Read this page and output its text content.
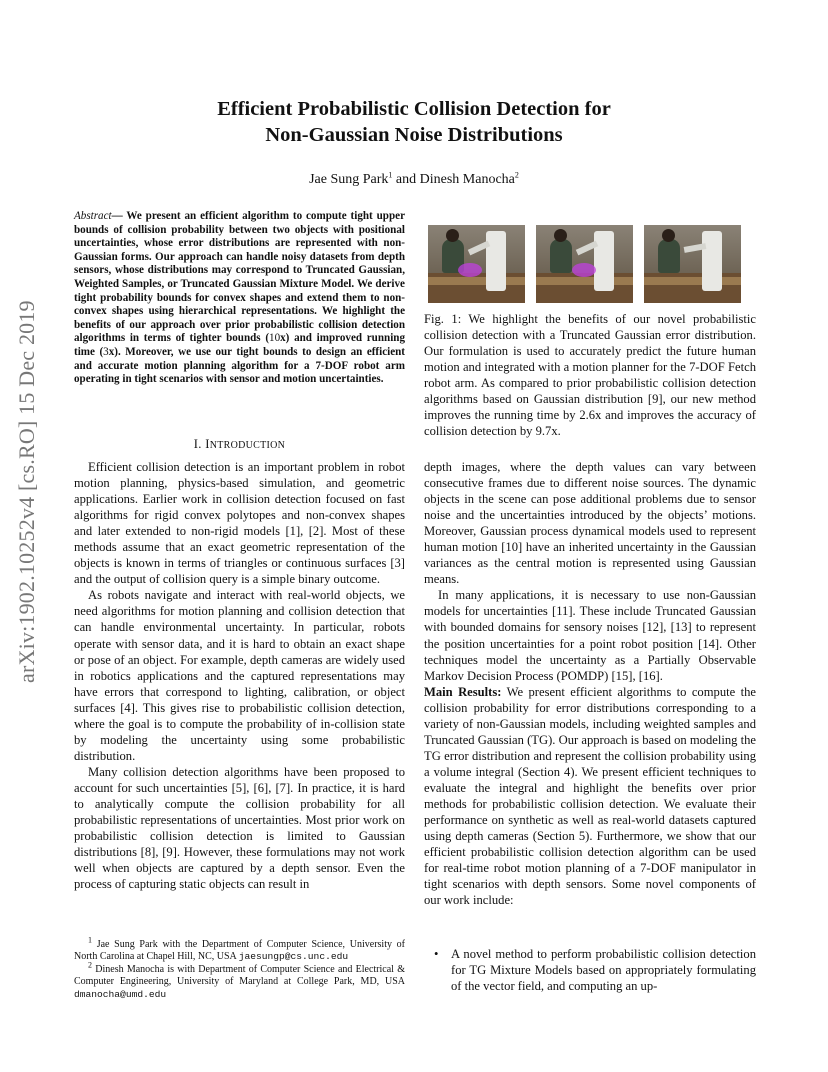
arXiv:1902.10252v4 [cs.RO] 15 Dec 2019
Efficient Probabilistic Collision Detection for
Non-Gaussian Noise Distributions
Jae Sung Park$^1$ and Dinesh Manocha$^2$
Abstract— We present an efficient algorithm to compute tight upper bounds of collision probability between two objects with positional uncertainties, whose error distributions are represented with non-Gaussian forms. Our approach can handle noisy datasets from depth sensors, whose distributions may correspond to Truncated Gaussian, Weighted Samples, or Truncated Gaussian Mixture Model. We derive tight probability bounds for convex shapes and extend them to non-convex shapes using hierarchical representations. We highlight the benefits of our approach over prior probabilistic collision detection algorithms in terms of tighter bounds (10x) and improved running time (3x). Moreover, we use our tight bounds to design an efficient and accurate motion planning algorithm for a 7-DOF robot arm operating in tight scenarios with sensor and motion uncertainties.
I. INTRODUCTION

Efficient collision detection is an important problem in robot motion planning, physics-based simulation, and geometric applications. Earlier work in collision detection focused on fast algorithms for rigid convex polytopes and non-convex shapes and later extended to non-rigid models [1], [2]. Most of these methods assume that an exact geometric representation of the objects is known in terms of triangles or continuous surfaces [3] and the output of collision query is a simple binary outcome.

As robots navigate and interact with real-world objects, we need algorithms for motion planning and collision detection that can handle environmental uncertainty. In particular, robots operate with sensor data, and it is hard to obtain an exact shape or pose of an object. For example, depth cameras are widely used in robotics applications and the captured representations may have errors that correspond to lighting, calibration, or object surfaces [4]. This gives rise to probabilistic collision detection, where the goal is to compute the probability of in-collision state by modeling the uncertainty using some probabilistic distribution.

Many collision detection algorithms have been proposed to account for such uncertainties [5], [6], [7]. In practice, it is hard to analytically compute the collision probability for all probabilistic representations of uncertainties. Most prior work on probabilistic collision detection is limited to Gaussian distributions [8], [9]. However, these formulations may not work well when objects are captured by a depth sensor. Even the process of capturing static objects can result in

$^1$ Jae Sung Park with the Department of Computer Science, University of North Carolina at Chapel Hill, NC, USA jaesungp@cs.unc.edu

$^2$ Dinesh Manocha is with Department of Computer Science and Electrical & Computer Engineering, University of Maryland at College Park, MD, USA dmanocha@umd.edu

Fig. 1: We highlight the benefits of our novel probabilistic collision detection with a Truncated Gaussian error distribution. Our formulation is used to accurately predict the future human motion and integrated with a motion planner for the 7-DOF Fetch robot arm. As compared to prior probabilistic collision detection algorithms based on Gaussian distribution [9], our new method improves the running time by 2.6x and improves the accuracy of collision detection by 9.7x.

depth images, where the depth values can vary between consecutive frames due to different noise sources. The dynamic objects in the scene can pose additional problems due to sensor noise and the uncertainties introduced by the objects’ motions. Moreover, Gaussian process dynamical models used to represent human motion [10] have an inherited uncertainty in the Gaussian variances as the central motion is represented using Gaussian means.

In many applications, it is necessary to use non-Gaussian models for uncertainties [11]. These include Truncated Gaussian with bounded domains for sensory noises [12], [13] to represent the position uncertainties for a point robot position [14]. Other techniques model the uncertainty as a Partially Observable Markov Decision Process (POMDP) [15], [16].

Main Results: We present efficient algorithms to compute the collision probability for error distributions corresponding to a variety of non-Gaussian models, including weighted samples and Truncated Gaussian (TG). Our approach is based on modeling the TG error distribution and represent the collision probability using a volume integral (Section 4). We present efficient techniques to evaluate the integral and highlight the benefits over prior methods for probabilistic collision detection. We evaluate their performance on synthetic as well as real-world datasets captured using depth cameras (Section 5). Furthermore, we show that our efficient probabilistic collision detection algorithm can be used for real-time robot motion planning of a 7-DOF manipulator in tight scenarios with depth sensors. Some novel components of our work include:

• A novel method to perform probabilistic collision detection for TG Mixture Models based on appropriately formulating of the vector field, and computing an up-
